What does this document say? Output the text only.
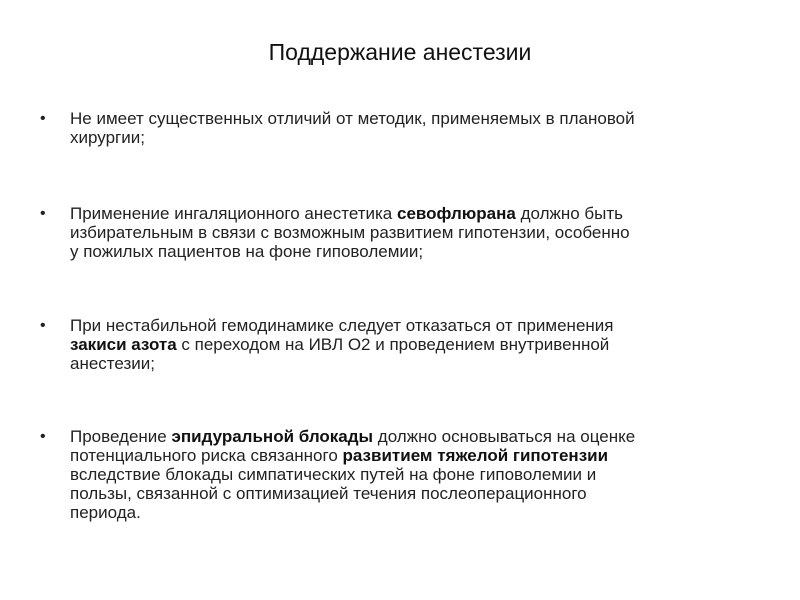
Поддержание анестезии
• Не имеет существенных отличий от методик, применяемых в плановой
хирургии;

• Применение ингаляционного анестетика севофлюрана должно быть
избирательным в связи с возможным развитием гипотензии, особенно
у пожилых пациентов на фоне гиповолемии;

• При нестабильной гемодинамике следует отказаться от применения
закиси азота с переходом на ИВЛ О2 и проведением внутривенной
анестезии;

• Проведение эпидуральной блокады должно основываться на оценке
потенциального риска связанного развитием тяжелой гипотензии
вследствие блокады симпатических путей на фоне гиповолемии и
пользы, связанной с оптимизацией течения послеоперационного
периода.
